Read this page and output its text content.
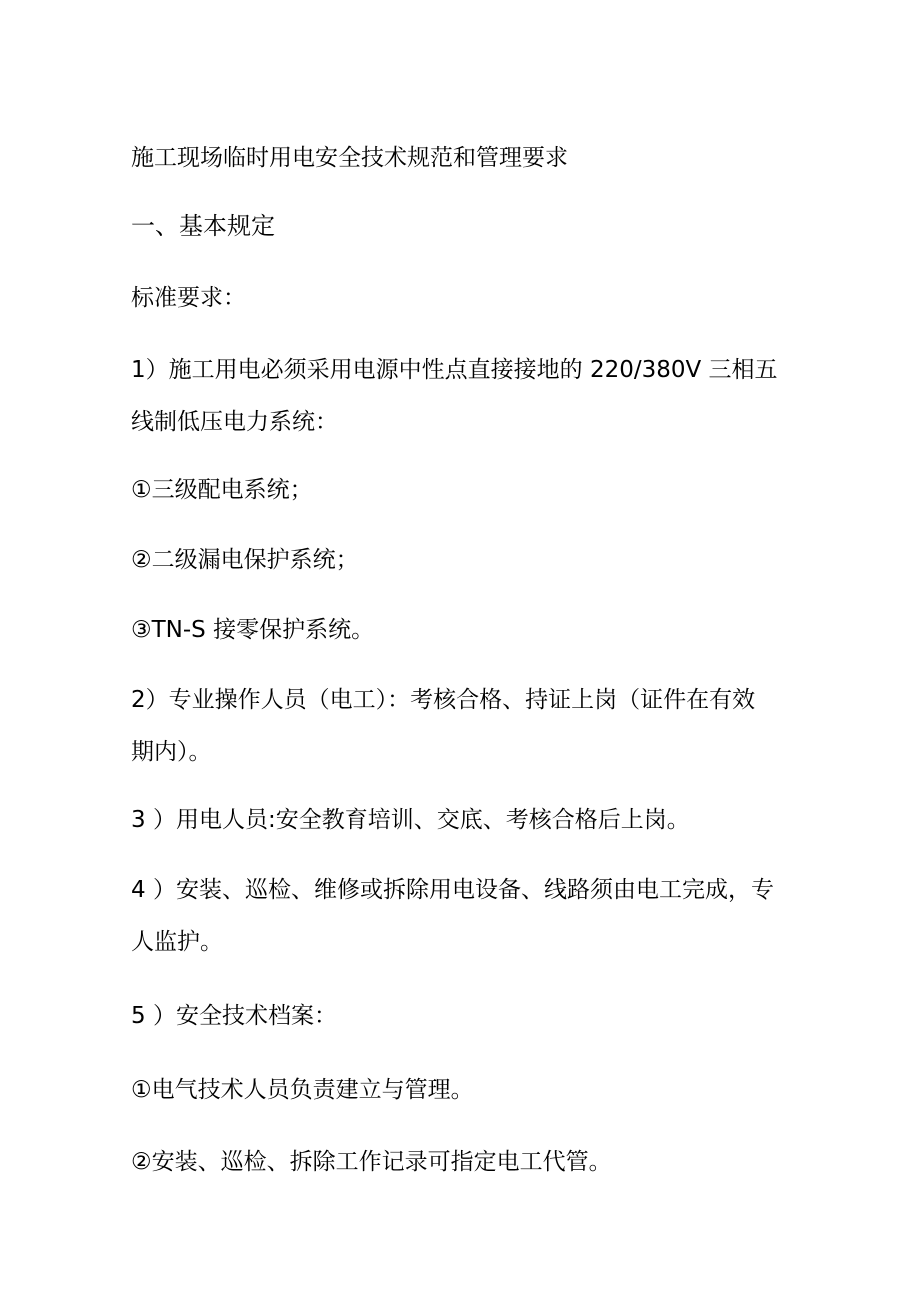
施工现场临时用电安全技术规范和管理要求
一、基本规定

标准要求：

1）施工用电必须采用电源中性点直接接地的 220/380V 三相五

线制低压电力系统：

①三级配电系统；

②二级漏电保护系统；

③TN-S 接零保护系统。

2）专业操作人员（电工）：考核合格、持证上岗（证件在有效

期内）。

3 ）用电人员:安全教育培训、交底、考核合格后上岗。

4 ）安装、巡检、维修或拆除用电设备、线路须由电工完成，专

人监护。

5 ）安全技术档案：

①电气技术人员负责建立与管理。

②安装、巡检、拆除工作记录可指定电工代管。
